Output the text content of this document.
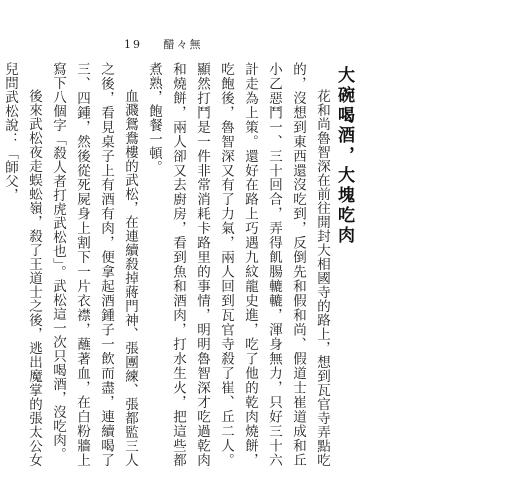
19 醋々無
大碗喝酒，大塊吃肉

花和尚魯智深在前往開封大相國寺的路上，想到瓦官寺弄點吃的，沒想到東西還沒吃到，反倒先和假和尚、假道士崔道成和丘小乙惡鬥一、三十回合，弄得飢腸轆轆，渾身無力，只好三十六計走為上策。還好在路上巧遇九紋龍史進，吃了他的乾肉燒餅，吃飽後，魯智深又有了力氣，兩人回到瓦官寺殺了崔、丘二人。顯然打鬥是一件非常消耗卡路里的事情，明明魯智深才吃過乾肉和燒餅，兩人卻又去廚房，看到魚和酒肉，打水生火，把這些都煮熟，飽餐一頓。

血濺鴛鴦樓的武松，在連續殺掉蔣門神、張團練、張都監三人之後，看見桌子上有酒有肉，便拿起酒鍾子一飲而盡，連續喝了三、四鍾，然後從死屍身上割下一片衣襟，蘸著血，在白粉牆上寫下八個字「殺人者打虎武松也」。武松這一次只喝酒，沒吃肉。

後來武松夜走蜈蚣嶺，殺了王道士之後，逃出魔掌的張太公女兒問武松說：「師父，
